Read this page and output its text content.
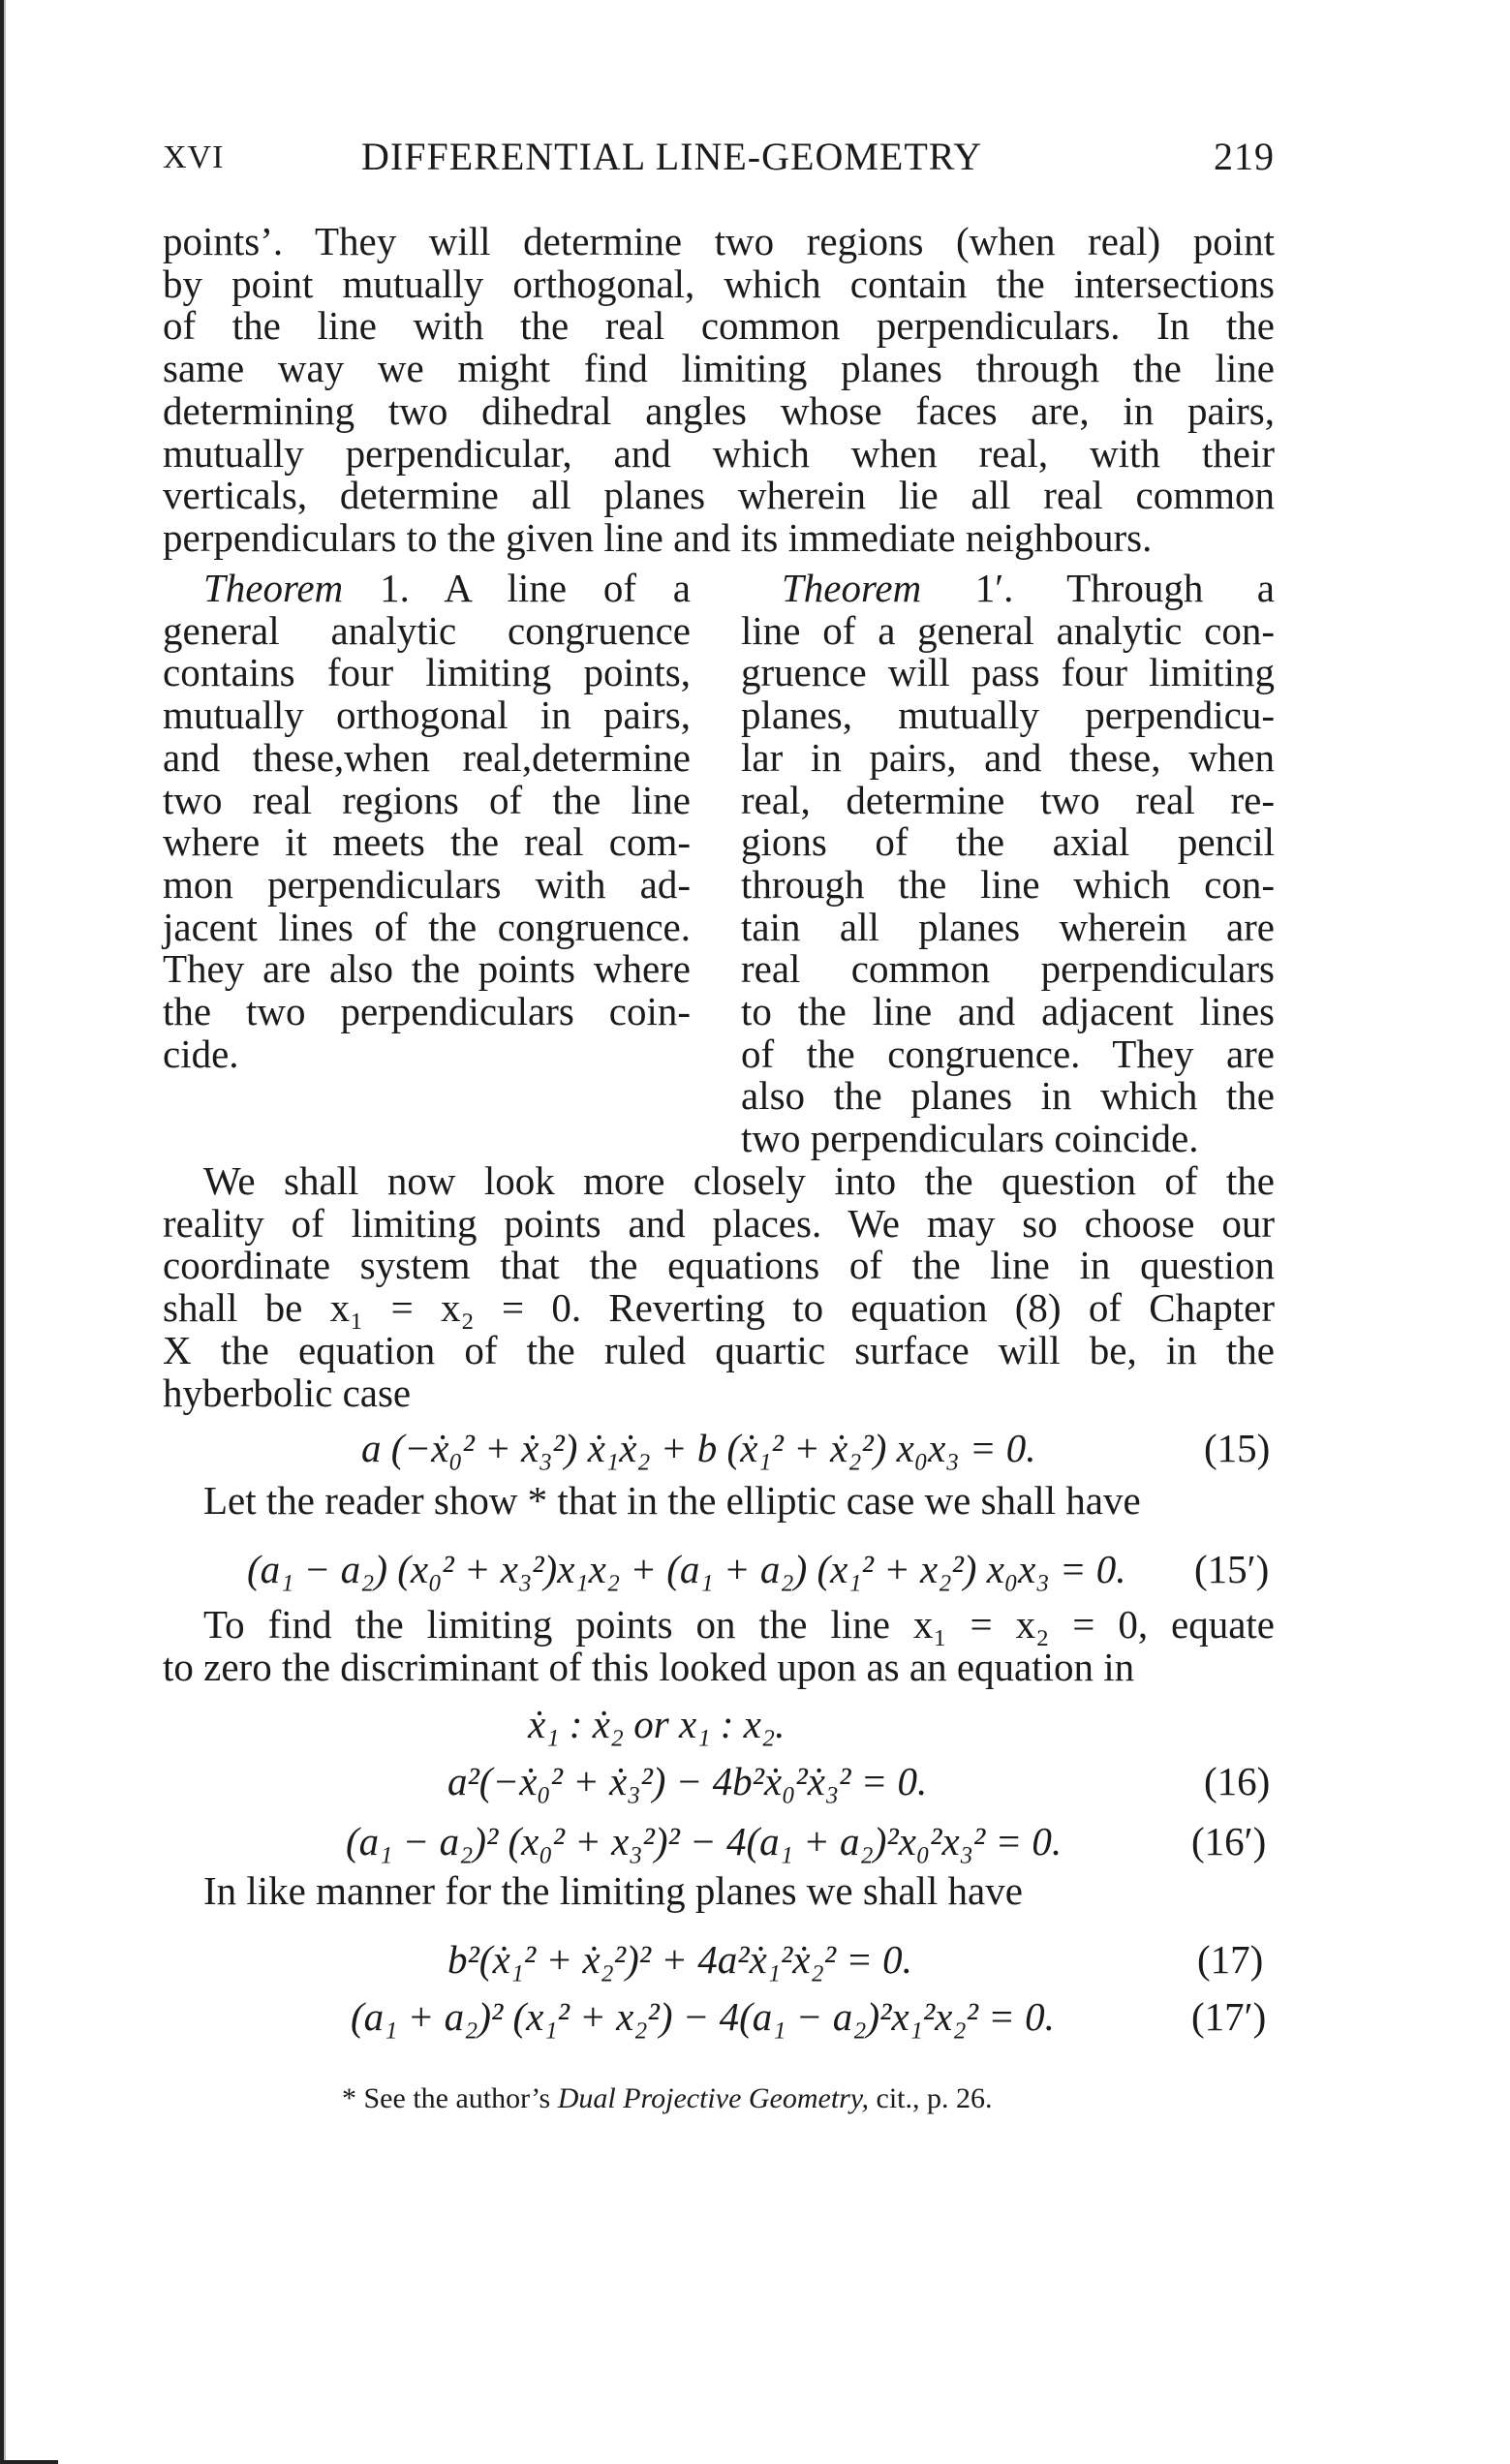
XVI	DIFFERENTIAL LINE-GEOMETRY	219
points’. They will determine two regions (when real) point
by point mutually orthogonal, which contain the intersections
of the line with the real common perpendiculars. In the
same way we might find limiting planes through the line
determining two dihedral angles whose faces are, in pairs,
mutually perpendicular, and which when real, with their
verticals, determine all planes wherein lie all real common
perpendiculars to the given line and its immediate neighbours.
Theorem 1. A line of a
general analytic congruence
contains four limiting points,
mutually orthogonal in pairs,
and these,when real,determine
two real regions of the line
where it meets the real com-
mon perpendiculars with ad-
jacent lines of the congruence.
They are also the points where
the two perpendiculars coin-
cide.
Theorem 1′. Through a
line of a general analytic con-
gruence will pass four limiting
planes, mutually perpendicu-
lar in pairs, and these, when
real, determine two real re-
gions of the axial pencil
through the line which con-
tain all planes wherein are
real common perpendiculars
to the line and adjacent lines
of the congruence. They are
also the planes in which the
two perpendiculars coincide.
We shall now look more closely into the question of the
reality of limiting points and places. We may so choose our
coordinate system that the equations of the line in question
shall be x₁ = x₂ = 0. Reverting to equation (8) of Chapter
X the equation of the ruled quartic surface will be, in the
hyberbolic case
a (−ẋ₀² + ẋ₃²) ẋ₁ẋ₂ + b (ẋ₁² + ẋ₂²) x₀x₃ = 0.	(15)
Let the reader show * that in the elliptic case we shall have
(a₁ − a₂) (x₀² + x₃²)x₁x₂ + (a₁ + a₂) (x₁² + x₂²) x₀x₃ = 0. (15′)
To find the limiting points on the line x₁ = x₂ = 0, equate
to zero the discriminant of this looked upon as an equation in
ẋ₁ : ẋ₂ or x₁ : x₂.
a²(−ẋ₀² + ẋ₃²) − 4b²ẋ₀²ẋ₃² = 0.	(16)
(a₁ − a₂)² (x₀² + x₃²)² − 4(a₁ + a₂)²x₀²x₃² = 0.	(16′)
In like manner for the limiting planes we shall have
b²(ẋ₁² + ẋ₂²)² + 4a²ẋ₁²ẋ₂² = 0.	(17)
(a₁ + a₂)² (x₁² + x₂²) − 4(a₁ − a₂)²x₁²x₂² = 0.	(17′)
* See the author’s Dual Projective Geometry, cit., p. 26.
